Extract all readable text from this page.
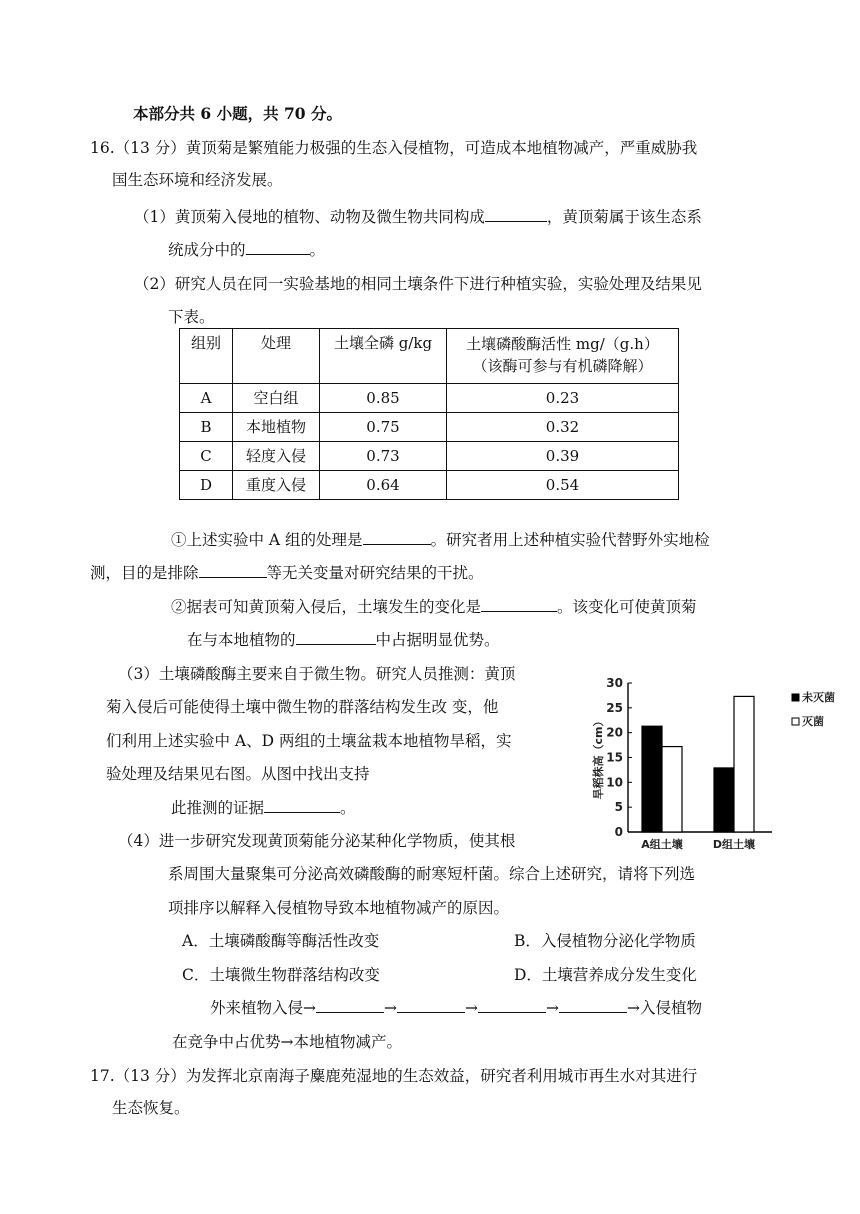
本部分共 6 小题，共 70 分。
16.（13 分）黄顶菊是繁殖能力极强的生态入侵植物，可造成本地植物减产，严重威胁我
国生态环境和经济发展。
（1）黄顶菊入侵地的植物、动物及微生物共同构成	，黄顶菊属于该生态系
统成分中的	。
（2）研究人员在同一实验基地的相同土壤条件下进行种植实验，实验处理及结果见
下表。
组别	处理	土壤全磷 g/kg	土壤磷酸酶活性 mg/（g.h）
（该酶可参与有机磷降解）

A	空白组	0.85	0.23
B	本地植物	0.75	0.32
C	轻度入侵	0.73	0.39
D	重度入侵	0.64	0.54
①上述实验中 A 组的处理是	。研究者用上述种植实验代替野外实地检
测，目的是排除	等无关变量对研究结果的干扰。
②据表可知黄顶菊入侵后，土壤发生的变化是	。该变化可使黄顶菊
在与本地植物的	中占据明显优势。
（3）土壤磷酸酶主要来自于微生物。研究人员推测：黄顶
菊入侵后可能使得土壤中微生物的群落结构发生改 变，他
们利用上述实验中 A、D 两组的土壤盆栽本地植物旱稻，实
验处理及结果见右图。从图中找出支持
此推测的证据	。
（4）进一步研究发现黄顶菊能分泌某种化学物质，使其根
系周围大量聚集可分泌高效磷酸酶的耐寒短杆菌。综合上述研究，请将下列选
项排序以解释入侵植物导致本地植物减产的原因。
A．土壤磷酸酶等酶活性改变	B．入侵植物分泌化学物质
C．土壤微生物群落结构改变	D．土壤营养成分发生变化
外来植物入侵→	→	→	→	→入侵植物
在竞争中占优势→本地植物减产。
17.（13 分）为发挥北京南海子麋鹿苑湿地的生态效益，研究者利用城市再生水对其进行
生态恢复。
0
5
10
15
20
25
30
旱稻株高（cm）
A组土壤	D组土壤
未灭菌
灭菌
